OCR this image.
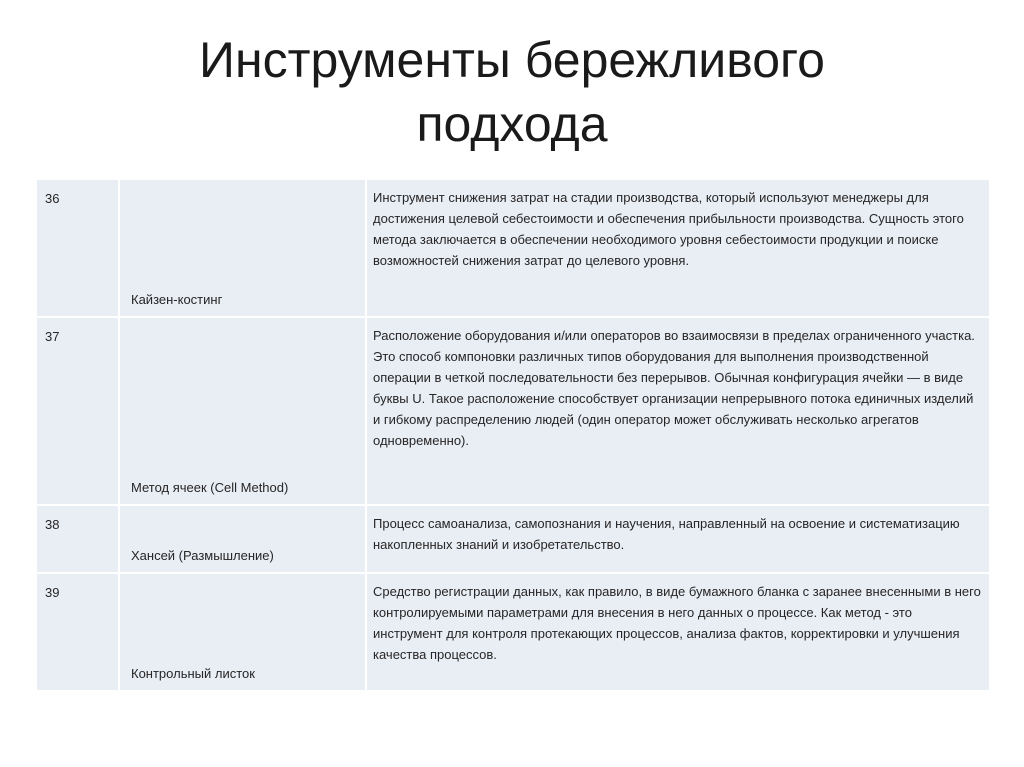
Инструменты бережливого
подхода
36	Кайзен-костинг	Инструмент снижения затрат на стадии производства, который используют менеджеры для достижения целевой себестоимости и обеспечения прибыльности производства. Сущность этого метода заключается в обеспечении необходимого уровня себестоимости продукции и поиске возможностей снижения затрат до целевого уровня.
37	Метод ячеек (Cell Method)	Расположение оборудования и/или операторов во взаимосвязи в пределах ограниченного участка. Это способ компоновки различных типов оборудования для выполнения производственной операции в четкой последовательности без перерывов. Обычная конфигурация ячейки — в виде буквы U. Такое расположение способствует организации непрерывного потока единичных изделий и гибкому распределению людей (один оператор может обслуживать несколько агрегатов одновременно).
38	Хансей (Размышление)	Процесс самоанализа, самопознания и научения, направленный на освоение и систематизацию накопленных знаний и изобретательство.
39	Контрольный листок	Средство регистрации данных, как правило, в виде бумажного бланка с заранее внесенными в него контролируемыми параметрами для внесения в него данных о процессе. Как метод - это инструмент для контроля протекающих процессов, анализа фактов, корректировки и улучшения качества процессов.
